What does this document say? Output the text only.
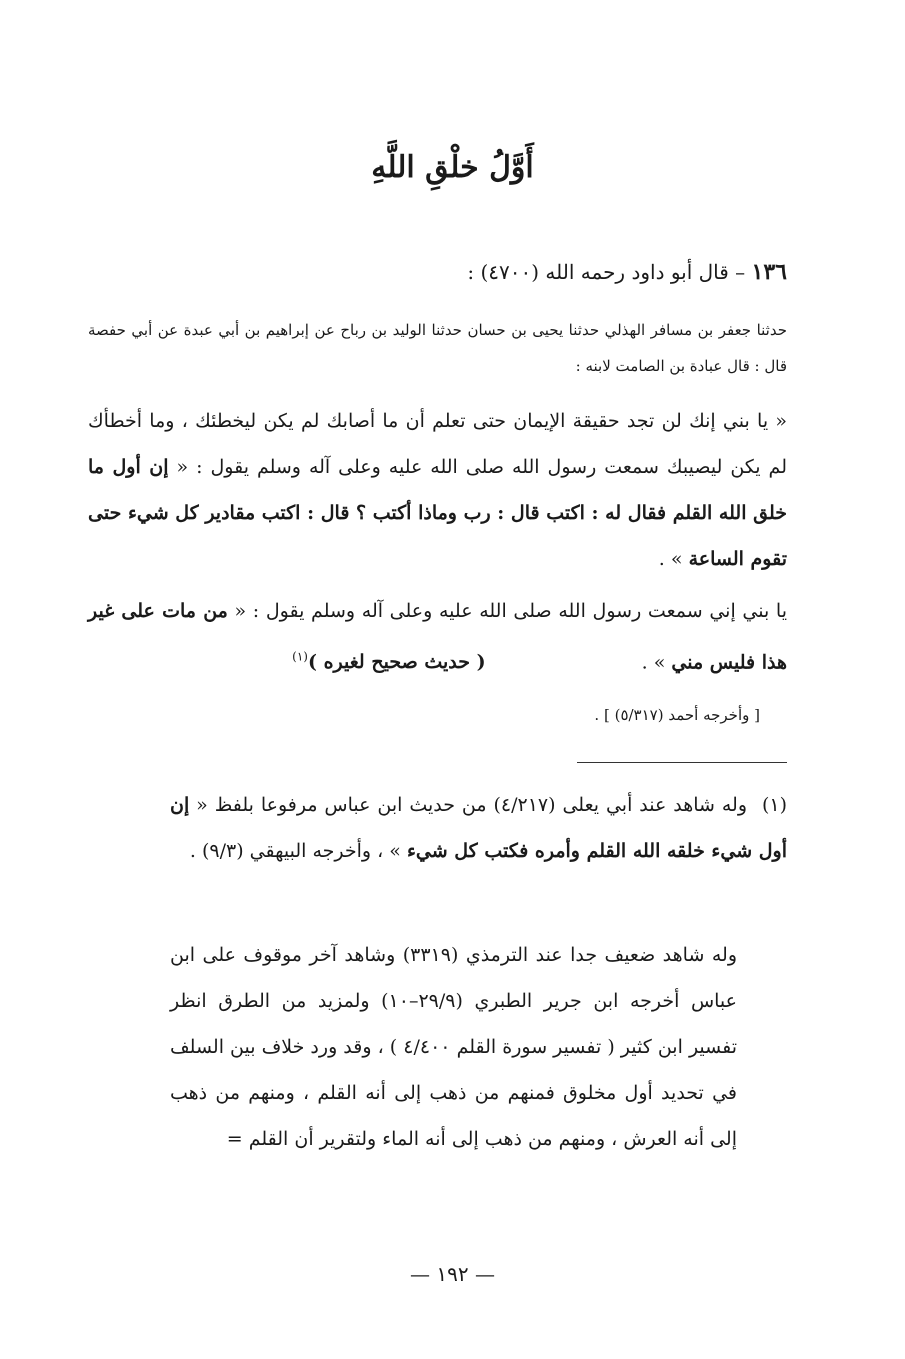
أَوَّلُ خلْقِ اللَّهِ
١٣٦ – قال أبو داود رحمه الله (٤٧٠٠) :
حدثنا جعفر بن مسافر الهذلي حدثنا يحيى بن حسان حدثنا الوليد بن رباح عن إبراهيم بن أبي عبدة عن أبي حفصة قال : قال عبادة بن الصامت لابنه :
« يا بني إنك لن تجد حقيقة الإيمان حتى تعلم أن ما أصابك لم يكن ليخطئك ، وما أخطأك لم يكن ليصيبك سمعت رسول الله صلى الله عليه وعلى آله وسلم يقول : « إن أول ما خلق الله القلم فقال له : اكتب قال : رب وماذا أكتب ؟ قال : اكتب مقادير كل شيء حتى تقوم الساعة » .
يا بني إني سمعت رسول الله صلى الله عليه وعلى آله وسلم يقول : « من مات على غير هذا فليس مني » . ( حديث صحيح لغيره )$^{(١)}$
[ وأخرجه أحمد (٥/٣١٧) ] .
(١) وله شاهد عند أبي يعلى (٤/٢١٧) من حديث ابن عباس مرفوعا بلفظ « إن أول شيء خلقه الله القلم وأمره فكتب كل شيء » ، وأخرجه البيهقي (٩/٣) .
وله شاهد ضعيف جدا عند الترمذي (٣٣١٩) وشاهد آخر موقوف على ابن عباس أخرجه ابن جرير الطبري (٢٩/٩–١٠) ولمزيد من الطرق انظر تفسير ابن كثير ( تفسير سورة القلم ٤/٤٠٠ ) ، وقد ورد خلاف بين السلف في تحديد أول مخلوق فمنهم من ذهب إلى أنه القلم ، ومنهم من ذهب إلى أنه العرش ، ومنهم من ذهب إلى أنه الماء ولتقرير أن القلم =
— ١٩٢ —
